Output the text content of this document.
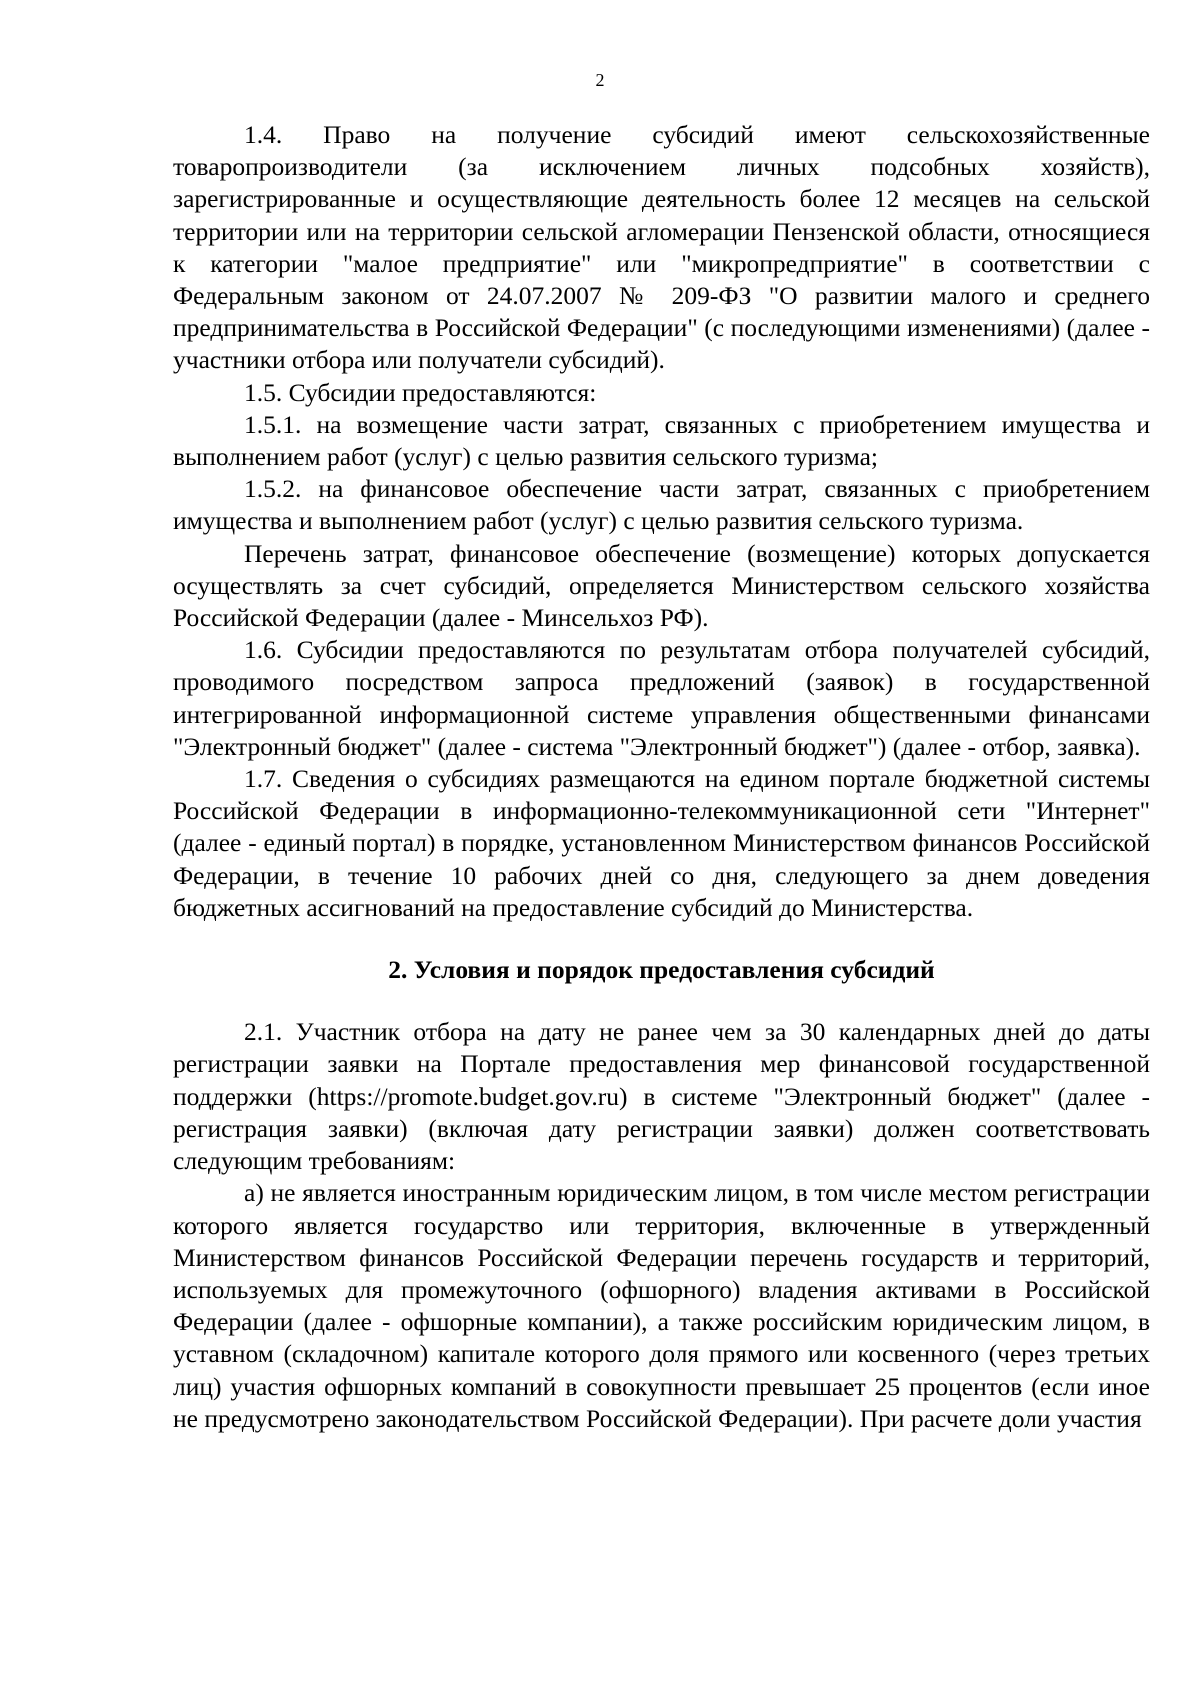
2

1.4. Право на получение субсидий имеют сельскохозяйственные товаропроизводители (за исключением личных подсобных хозяйств), зарегистрированные и осуществляющие деятельность более 12 месяцев на сельской территории или на территории сельской агломерации Пензенской области, относящиеся к категории "малое предприятие" или "микропредприятие" в соответствии с Федеральным законом от 24.07.2007 № 209-ФЗ "О развитии малого и среднего предпринимательства в Российской Федерации" (с последующими изменениями) (далее - участники отбора или получатели субсидий).

1.5. Субсидии предоставляются:

1.5.1. на возмещение части затрат, связанных с приобретением имущества и выполнением работ (услуг) с целью развития сельского туризма;

1.5.2. на финансовое обеспечение части затрат, связанных с приобретением имущества и выполнением работ (услуг) с целью развития сельского туризма.

Перечень затрат, финансовое обеспечение (возмещение) которых допускается осуществлять за счет субсидий, определяется Министерством сельского хозяйства Российской Федерации (далее - Минсельхоз РФ).

1.6. Субсидии предоставляются по результатам отбора получателей субсидий, проводимого посредством запроса предложений (заявок) в государственной интегрированной информационной системе управления общественными финансами "Электронный бюджет" (далее - система "Электронный бюджет") (далее - отбор, заявка).

1.7. Сведения о субсидиях размещаются на едином портале бюджетной системы Российской Федерации в информационно-телекоммуникационной сети "Интернет" (далее - единый портал) в порядке, установленном Министерством финансов Российской Федерации, в течение 10 рабочих дней со дня, следующего за днем доведения бюджетных ассигнований на предоставление субсидий до Министерства.

2. Условия и порядок предоставления субсидий

2.1. Участник отбора на дату не ранее чем за 30 календарных дней до даты регистрации заявки на Портале предоставления мер финансовой государственной поддержки (https://promote.budget.gov.ru) в системе "Электронный бюджет" (далее - регистрация заявки) (включая дату регистрации заявки) должен соответствовать следующим требованиям:

а) не является иностранным юридическим лицом, в том числе местом регистрации которого является государство или территория, включенные в утвержденный Министерством финансов Российской Федерации перечень государств и территорий, используемых для промежуточного (офшорного) владения активами в Российской Федерации (далее - офшорные компании), а также российским юридическим лицом, в уставном (складочном) капитале которого доля прямого или косвенного (через третьих лиц) участия офшорных компаний в совокупности превышает 25 процентов (если иное не предусмотрено законодательством Российской Федерации). При расчете доли участия
